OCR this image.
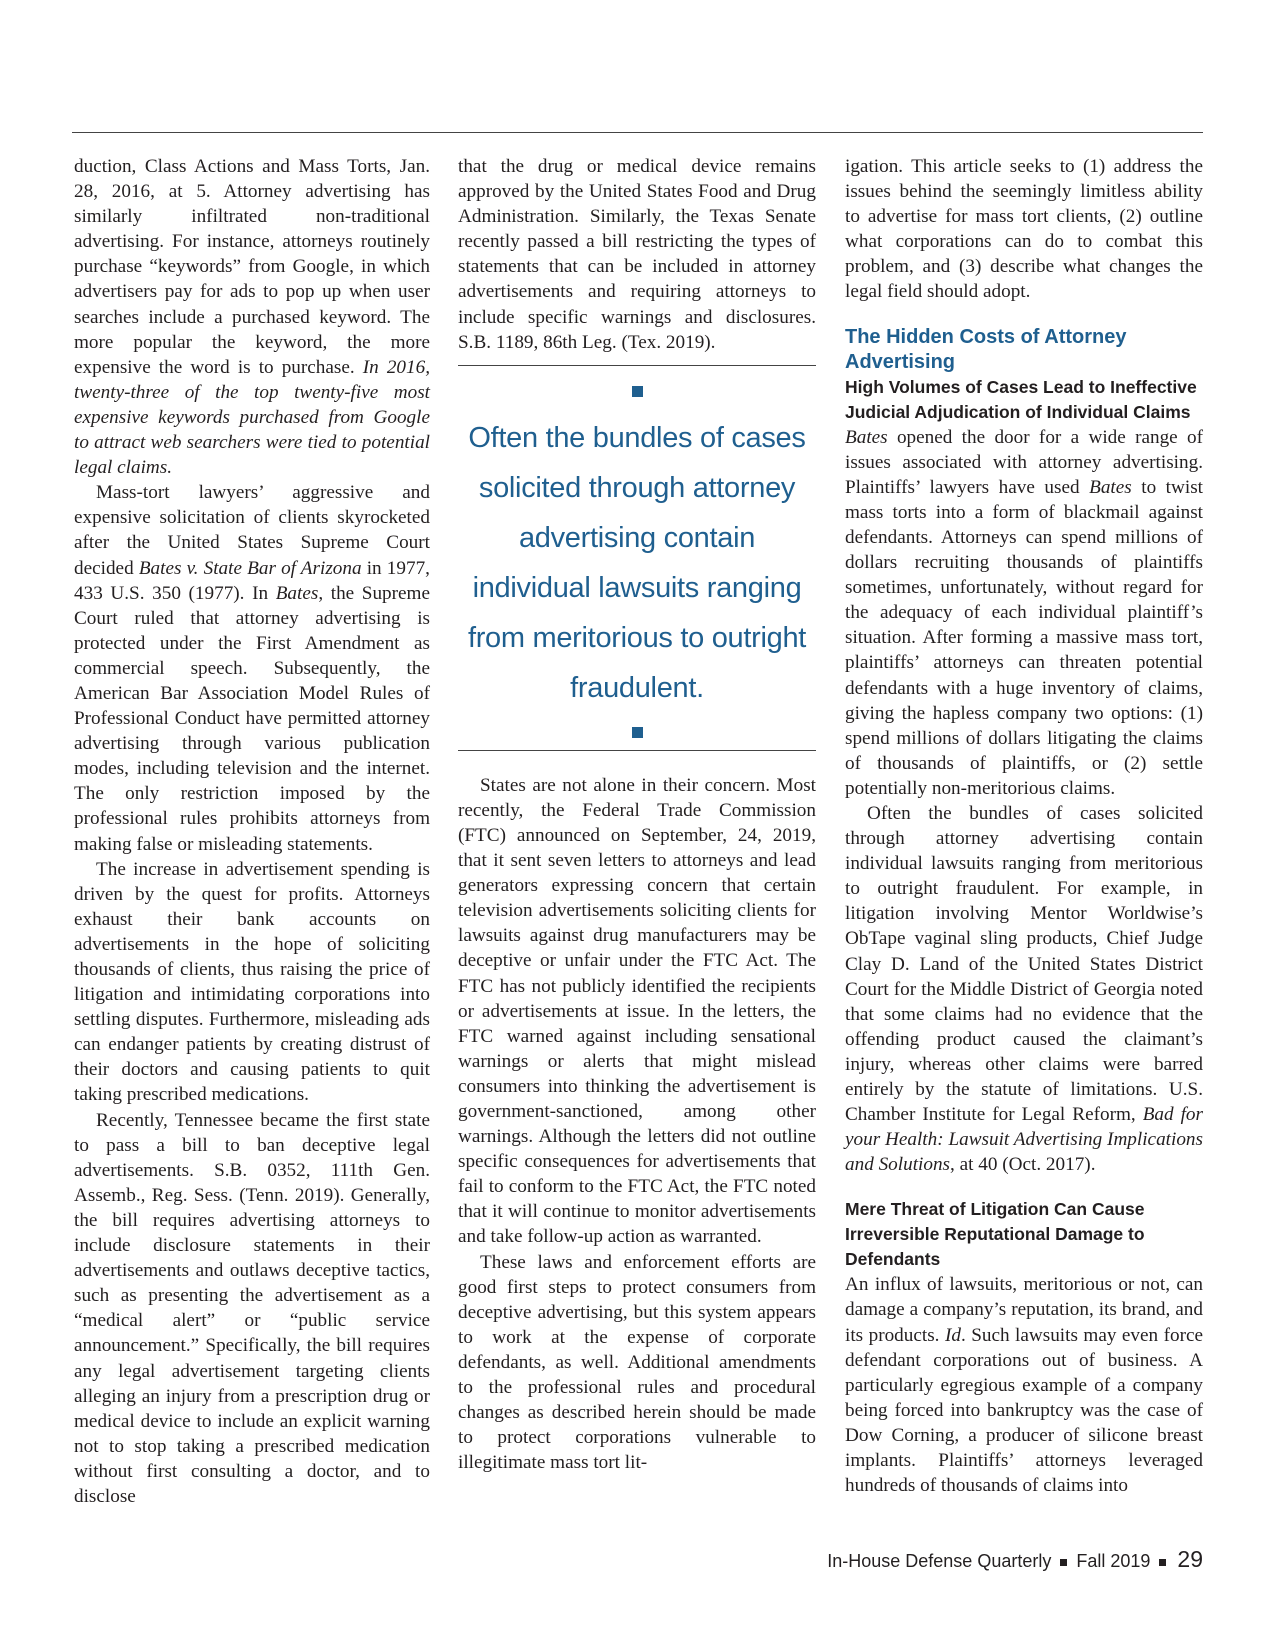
duction, Class Actions and Mass Torts, Jan. 28, 2016, at 5. Attorney advertising has similarly infiltrated non-traditional advertising. For instance, attorneys routinely purchase “keywords” from Google, in which advertisers pay for ads to pop up when user searches include a purchased keyword. The more popular the keyword, the more expensive the word is to purchase. In 2016, twenty-three of the top twenty-five most expensive keywords purchased from Google to attract web searchers were tied to potential legal claims.

Mass-tort lawyers’ aggressive and expensive solicitation of clients skyrocketed after the United States Supreme Court decided Bates v. State Bar of Arizona in 1977, 433 U.S. 350 (1977). In Bates, the Supreme Court ruled that attorney advertising is protected under the First Amendment as commercial speech. Subsequently, the American Bar Association Model Rules of Professional Conduct have permitted attorney advertising through various publication modes, including television and the internet. The only restriction imposed by the professional rules prohibits attorneys from making false or misleading statements.

The increase in advertisement spending is driven by the quest for profits. Attorneys exhaust their bank accounts on advertisements in the hope of soliciting thousands of clients, thus raising the price of litigation and intimidating corporations into settling disputes. Furthermore, misleading ads can endanger patients by creating distrust of their doctors and causing patients to quit taking prescribed medications.

Recently, Tennessee became the first state to pass a bill to ban deceptive legal advertisements. S.B. 0352, 111th Gen. Assemb., Reg. Sess. (Tenn. 2019). Generally, the bill requires advertising attorneys to include disclosure statements in their advertisements and outlaws deceptive tactics, such as presenting the advertisement as a “medical alert” or “public service announcement.” Specifically, the bill requires any legal advertisement targeting clients alleging an injury from a prescription drug or medical device to include an explicit warning not to stop taking a prescribed medication without first consulting a doctor, and to disclose

that the drug or medical device remains approved by the United States Food and Drug Administration. Similarly, the Texas Senate recently passed a bill restricting the types of statements that can be included in attorney advertisements and requiring attorneys to include specific warnings and disclosures. S.B. 1189, 86th Leg. (Tex. 2019).

Often the bundles of cases solicited through attorney advertising contain individual lawsuits ranging from meritorious to outright fraudulent.

States are not alone in their concern. Most recently, the Federal Trade Commission (FTC) announced on September, 24, 2019, that it sent seven letters to attorneys and lead generators expressing concern that certain television advertisements soliciting clients for lawsuits against drug manufacturers may be deceptive or unfair under the FTC Act. The FTC has not publicly identified the recipients or advertisements at issue. In the letters, the FTC warned against including sensational warnings or alerts that might mislead consumers into thinking the advertisement is government-sanctioned, among other warnings. Although the letters did not outline specific consequences for advertisements that fail to conform to the FTC Act, the FTC noted that it will continue to monitor advertisements and take follow-up action as warranted.

These laws and enforcement efforts are good first steps to protect consumers from deceptive advertising, but this system appears to work at the expense of corporate defendants, as well. Additional amendments to the professional rules and procedural changes as described herein should be made to protect corporations vulnerable to illegitimate mass tort lit-

igation. This article seeks to (1) address the issues behind the seemingly limitless ability to advertise for mass tort clients, (2) outline what corporations can do to combat this problem, and (3) describe what changes the legal field should adopt.

The Hidden Costs of Attorney Advertising
High Volumes of Cases Lead to Ineffective Judicial Adjudication of Individual Claims

Bates opened the door for a wide range of issues associated with attorney advertising. Plaintiffs’ lawyers have used Bates to twist mass torts into a form of blackmail against defendants. Attorneys can spend millions of dollars recruiting thousands of plaintiffs sometimes, unfortunately, without regard for the adequacy of each individual plaintiff’s situation. After forming a massive mass tort, plaintiffs’ attorneys can threaten potential defendants with a huge inventory of claims, giving the hapless company two options: (1) spend millions of dollars litigating the claims of thousands of plaintiffs, or (2) settle potentially non-meritorious claims.

Often the bundles of cases solicited through attorney advertising contain individual lawsuits ranging from meritorious to outright fraudulent. For example, in litigation involving Mentor Worldwise’s ObTape vaginal sling products, Chief Judge Clay D. Land of the United States District Court for the Middle District of Georgia noted that some claims had no evidence that the offending product caused the claimant’s injury, whereas other claims were barred entirely by the statute of limitations. U.S. Chamber Institute for Legal Reform, Bad for your Health: Lawsuit Advertising Implications and Solutions, at 40 (Oct. 2017).

Mere Threat of Litigation Can Cause Irreversible Reputational Damage to Defendants

An influx of lawsuits, meritorious or not, can damage a company’s reputation, its brand, and its products. Id. Such lawsuits may even force defendant corporations out of business. A particularly egregious example of a company being forced into bankruptcy was the case of Dow Corning, a producer of silicone breast implants. Plaintiffs’ attorneys leveraged hundreds of thousands of claims into

In-House Defense Quarterly Fall 2019 29
